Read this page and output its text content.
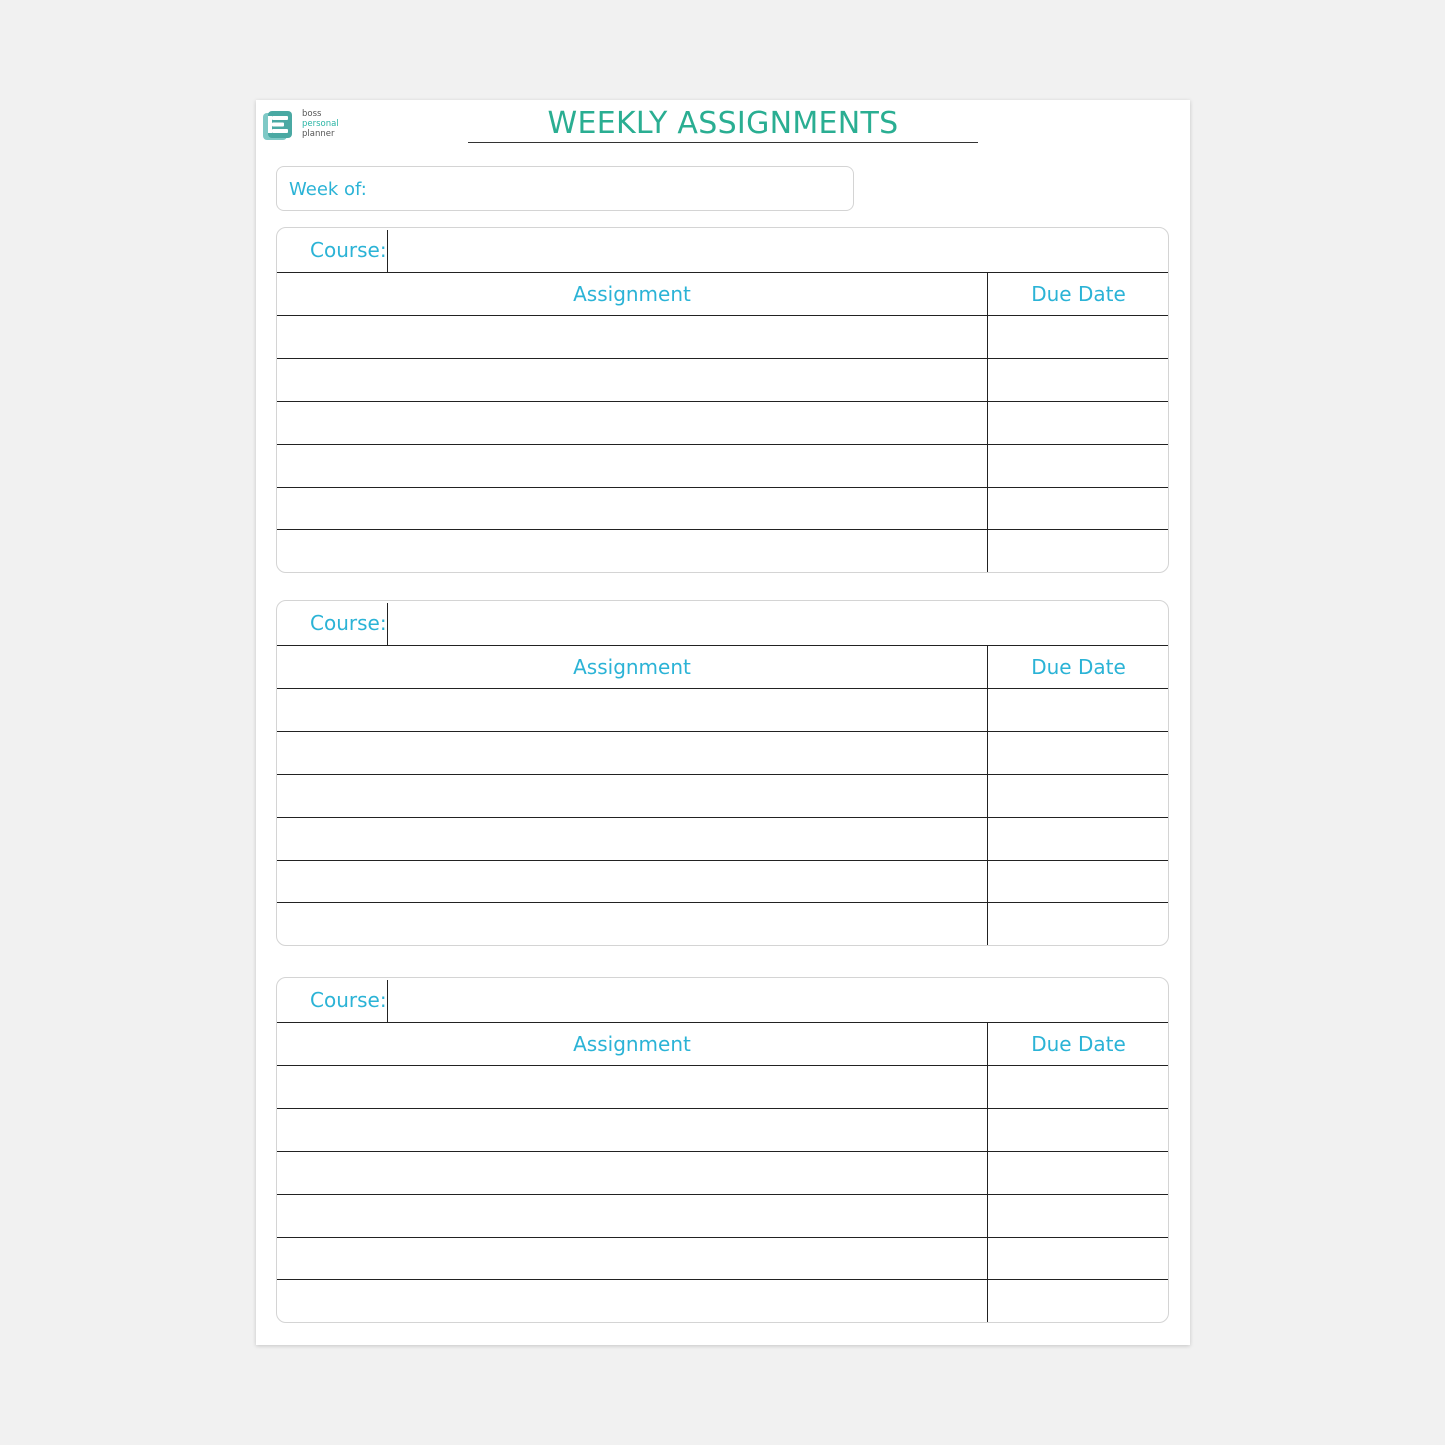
boss
personal
planner	WEEKLY ASSIGNMENTS
Week of:
Course:
Assignment	Due Date
Course:
Assignment	Due Date
Course:
Assignment	Due Date
